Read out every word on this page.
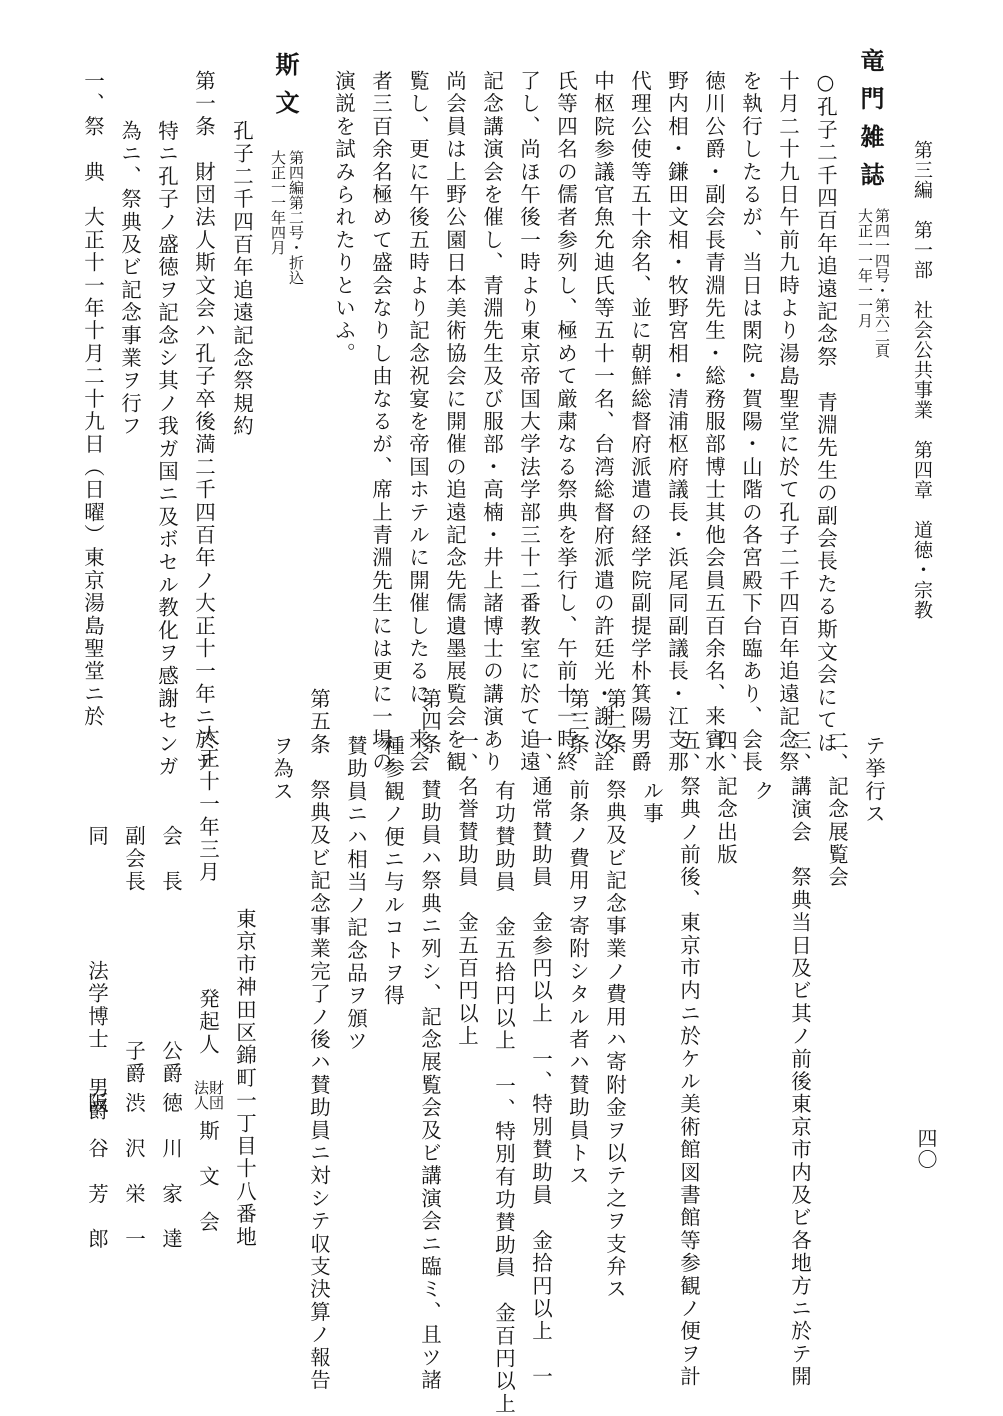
第三編　第一部　社会公共事業　第四章　道徳・宗教
四〇
竜門雑誌
第四一四号・第六二頁
大正一一年一一月
○孔子二千四百年追遠記念祭　青淵先生の副会長たる斯文会にては
十月二十九日午前九時より湯島聖堂に於て孔子二千四百年追遠記念祭
を執行したるが、当日は閑院・賀陽・山階の各宮殿下台臨あり、会長
徳川公爵・副会長青淵先生・総務服部博士其他会員五百余名、来賓水
野内相・鎌田文相・牧野宮相・清浦枢府議長・浜尾同副議長・江支那
代理公使等五十余名、並に朝鮮総督府派遣の経学院副提学朴箕陽男爵
中枢院参議官魚允迪氏等五十一名、台湾総督府派遣の許廷光・謝汝詮
氏等四名の儒者参列し、極めて厳粛なる祭典を挙行し、午前十一時終
了し、尚ほ午後一時より東京帝国大学法学部三十二番教室に於て追遠
記念講演会を催し、青淵先生及び服部・高楠・井上諸博士の講演あり
尚会員は上野公園日本美術協会に開催の追遠記念先儒遺墨展覧会を観
覧し、更に午後五時より記念祝宴を帝国ホテルに開催したるに、来会
者三百余名極めて盛会なりし由なるが、席上青淵先生には更に一場の
演説を試みられたりといふ。
斯文
第四編第二号・折込
大正一一年四月
孔子二千四百年追遠記念祭規約
第一条　財団法人斯文会ハ孔子卒後満二千四百年ノ大正十一年ニ於テ
特ニ孔子ノ盛徳ヲ記念シ其ノ我ガ国ニ及ボセル教化ヲ感謝センガ
為ニ、祭典及ビ記念事業ヲ行フ
一、祭　典　大正十一年十月二十九日（日曜）東京湯島聖堂ニ於
テ挙行ス
二、記念展覧会
三、講演会　祭典当日及ビ其ノ前後東京市内及ビ各地方ニ於テ開
ク
四、記念出版
五、祭典ノ前後、東京市内ニ於ケル美術館図書館等参観ノ便ヲ計
ル事
第二条　祭典及ビ記念事業ノ費用ハ寄附金ヲ以テ之ヲ支弁ス
第三条　前条ノ費用ヲ寄附シタル者ハ賛助員トス
一、通常賛助員　金参円以上　一、特別賛助員　金拾円以上　一
有功賛助員　金五拾円以上　一、特別有功賛助員　金百円以上
一、名誉賛助員　金五百円以上
第四条　賛助員ハ祭典ニ列シ、記念展覧会及ビ講演会ニ臨ミ、且ツ諸
種参観ノ便ニ与ルコトヲ得
賛助員ニハ相当ノ記念品ヲ頒ツ
第五条　祭典及ビ記念事業完了ノ後ハ賛助員ニ対シテ収支決算ノ報告
ヲ為ス
東京市神田区錦町一丁目十八番地
大正十一年三月
発起人
財団
法人
斯　文　会
会　長
公爵
徳　川　家　達
副会長
子爵
渋　沢　栄　一
同
法学博士 男爵
阪　谷　芳　郎
